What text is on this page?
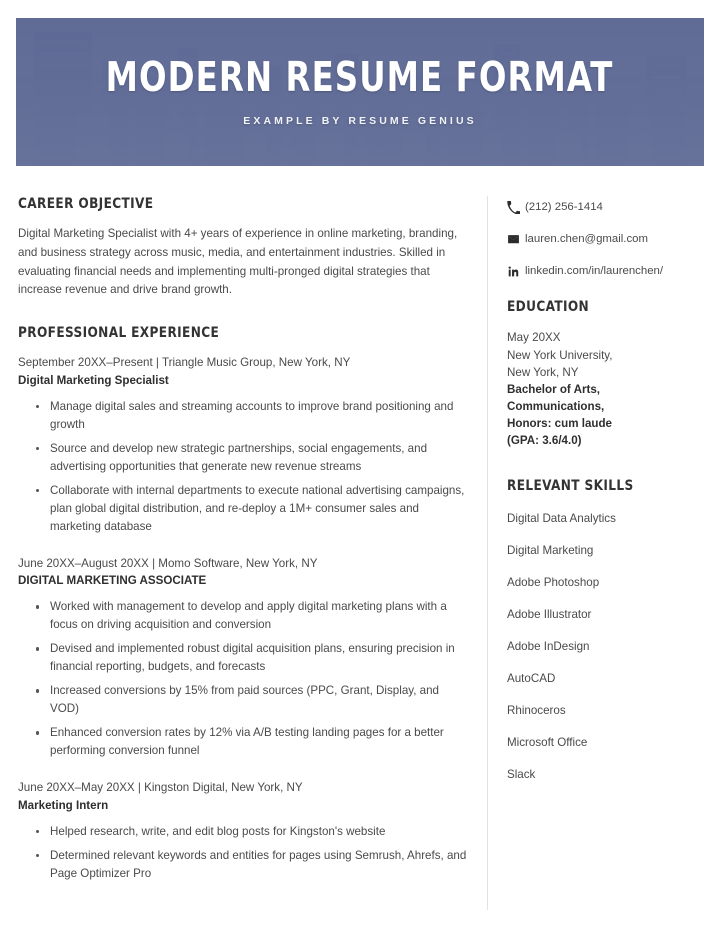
MODERN RESUME FORMAT
EXAMPLE BY RESUME GENIUS
CAREER OBJECTIVE
Digital Marketing Specialist with 4+ years of experience in online marketing, branding, and business strategy across music, media, and entertainment industries. Skilled in evaluating financial needs and implementing multi-pronged digital strategies that increase revenue and drive brand growth.
PROFESSIONAL EXPERIENCE
September 20XX–Present | Triangle Music Group, New York, NY
Digital Marketing Specialist
Manage digital sales and streaming accounts to improve brand positioning and growth
Source and develop new strategic partnerships, social engagements, and advertising opportunities that generate new revenue streams
Collaborate with internal departments to execute national advertising campaigns, plan global digital distribution, and re-deploy a 1M+ consumer sales and marketing database
June 20XX–August 20XX | Momo Software, New York, NY
DIGITAL MARKETING ASSOCIATE
Worked with management to develop and apply digital marketing plans with a focus on driving acquisition and conversion
Devised and implemented robust digital acquisition plans, ensuring precision in financial reporting, budgets, and forecasts
Increased conversions by 15% from paid sources (PPC, Grant, Display, and VOD)
Enhanced conversion rates by 12% via A/B testing landing pages for a better performing conversion funnel
June 20XX–May 20XX | Kingston Digital, New York, NY
Marketing Intern
Helped research, write, and edit blog posts for Kingston's website
Determined relevant keywords and entities for pages using Semrush, Ahrefs, and Page Optimizer Pro
(212) 256-1414
lauren.chen@gmail.com
linkedin.com/in/laurenchen/
EDUCATION
May 20XX
New York University,
New York, NY
Bachelor of Arts,
Communications,
Honors: cum laude
(GPA: 3.6/4.0)
RELEVANT SKILLS
Digital Data Analytics
Digital Marketing
Adobe Photoshop
Adobe Illustrator
Adobe InDesign
AutoCAD
Rhinoceros
Microsoft Office
Slack
